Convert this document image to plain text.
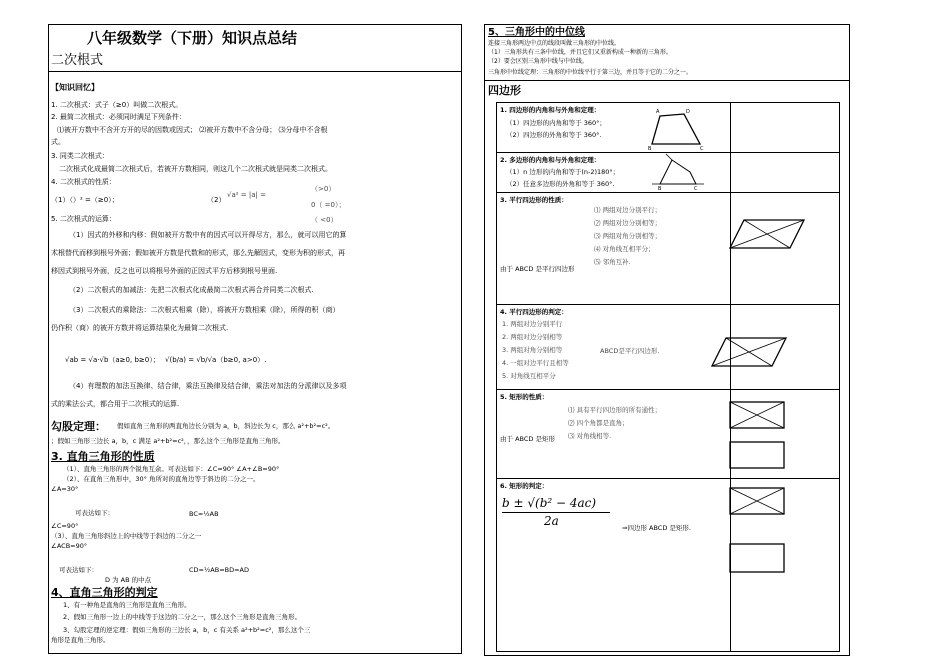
八年级数学（下册）知识点总结
二次根式
【知识回忆】
1. 二次根式：式子（≥0）叫做二次根式。
2. 最简二次根式：必须同时满足下列条件：
⑴被开方数中不含开方开的尽的因数或因式； ⑵被开方数中不含分母； ⑶分母中不含根
式。
3. 同类二次根式：
二次根式化成最简二次根式后，若被开方数相同，则这几个二次根式就是同类二次根式。
4. 二次根式的性质：
（1）（）² =（≥0）；	（2）
√a² = |a| =
（>0）
0（ =0）；
（ <0）
5. 二次根式的运算：
（1）因式的外移和内移：假如被开方数中有的因式可以开得尽方，那么，就可以用它的算
术根替代而移到根号外面；假如被开方数是代数和的形式，那么先解因式，变形为积的形式，再
移因式到根号外面，反之也可以将根号外面的正因式平方后移到根号里面.
（2）二次根式的加减法：先把二次根式化成最简二次根式再合并同类二次根式.
（3）二次根式的乘除法：二次根式相乘（除），将被开方数相乘（除），所得的积（商）
仍作积（商）的被开方数并将运算结果化为最简二次根式.
√ab = √a·√b（a≥0, b≥0）； √(b/a) = √b/√a（b≥0, a>0）.
（4）有理数的加法互换律、结合律，乘法互换律及结合律，乘法对加法的分派律以及多项
式的乘法公式，都合用于二次根式的运算.
勾股定理： 假如直角三角形的两直角边长分别为 a，b，斜边长为 c，那么 a²+b²=c²。
；假如三角形三边长 a，b，c 满足 a²+b²=c²，，那么这个三角形是直角三角形。
3. 直角三角形的性质
（1）、直角三角形的两个锐角互余。可表达如下：∠C=90° ∠A+∠B=90°
（2）、在直角三角形中，30° 角所对的直角边等于斜边的二分之一。
∠A=30°
可表达如下：	BC=½AB
∠C=90°
（3）、直角三角形斜边上的中线等于斜边的二分之一
∠ACB=90°
可表达如下：	CD=½AB=BD=AD
D 为 AB 的中点
4、直角三角形的判定
1、有一种角是直角的三角形是直角三角形。
2、假如三角形一边上的中线等于这边的二分之一，那么这个三角形是直角三角形。
3、勾股定理的逆定理：假如三角形的三边长 a，b，c 有关系 a²+b²=c²，那么这个三
角形是直角三角形。
5、三角形中的中位线
连接三角形两边中点的线段叫做三角形的中位线。
（1）三角形共有三条中位线，并且它们又重新构成一种新的三角形。
（2）要会区别三角形中线与中位线。
三角形中位线定理：三角形的中位线平行于第三边，并且等于它的二分之一。
四边形
1. 四边形的内角和与外角和定理：
（1）四边形的内角和等于 360°；
（2）四边形的外角和等于 360°.
A	D
B	C
2. 多边形的内角和与外角和定理：
（1）n 边形的内角和等于(n-2)180°；
（2）任意多边形的外角和等于 360°.
B	C
3. 平行四边形的性质：
⑴ 两组对边分别平行；
⑵ 两组对边分别相等；
⑶ 两组对角分别相等；
⑷ 对角线互相平分；
⑸ 邻角互补.
由于 ABCD 是平行四边形
4. 平行四边形的判定：
1. 两组对边分别平行
2. 两组对边分别相等
3. 两组对角分别相等
4. 一组对边平行且相等
5. 对角线互相平分
ABCD是平行四边形.
5. 矩形的性质：
⑴ 具有平行四边形的所有通性；
⑵ 四个角都是直角；
⑶ 对角线相等.
由于 ABCD 是矩形
6. 矩形的判定：
b ± √(b² − 4ac)
2a	⇒四边形 ABCD 是矩形.
